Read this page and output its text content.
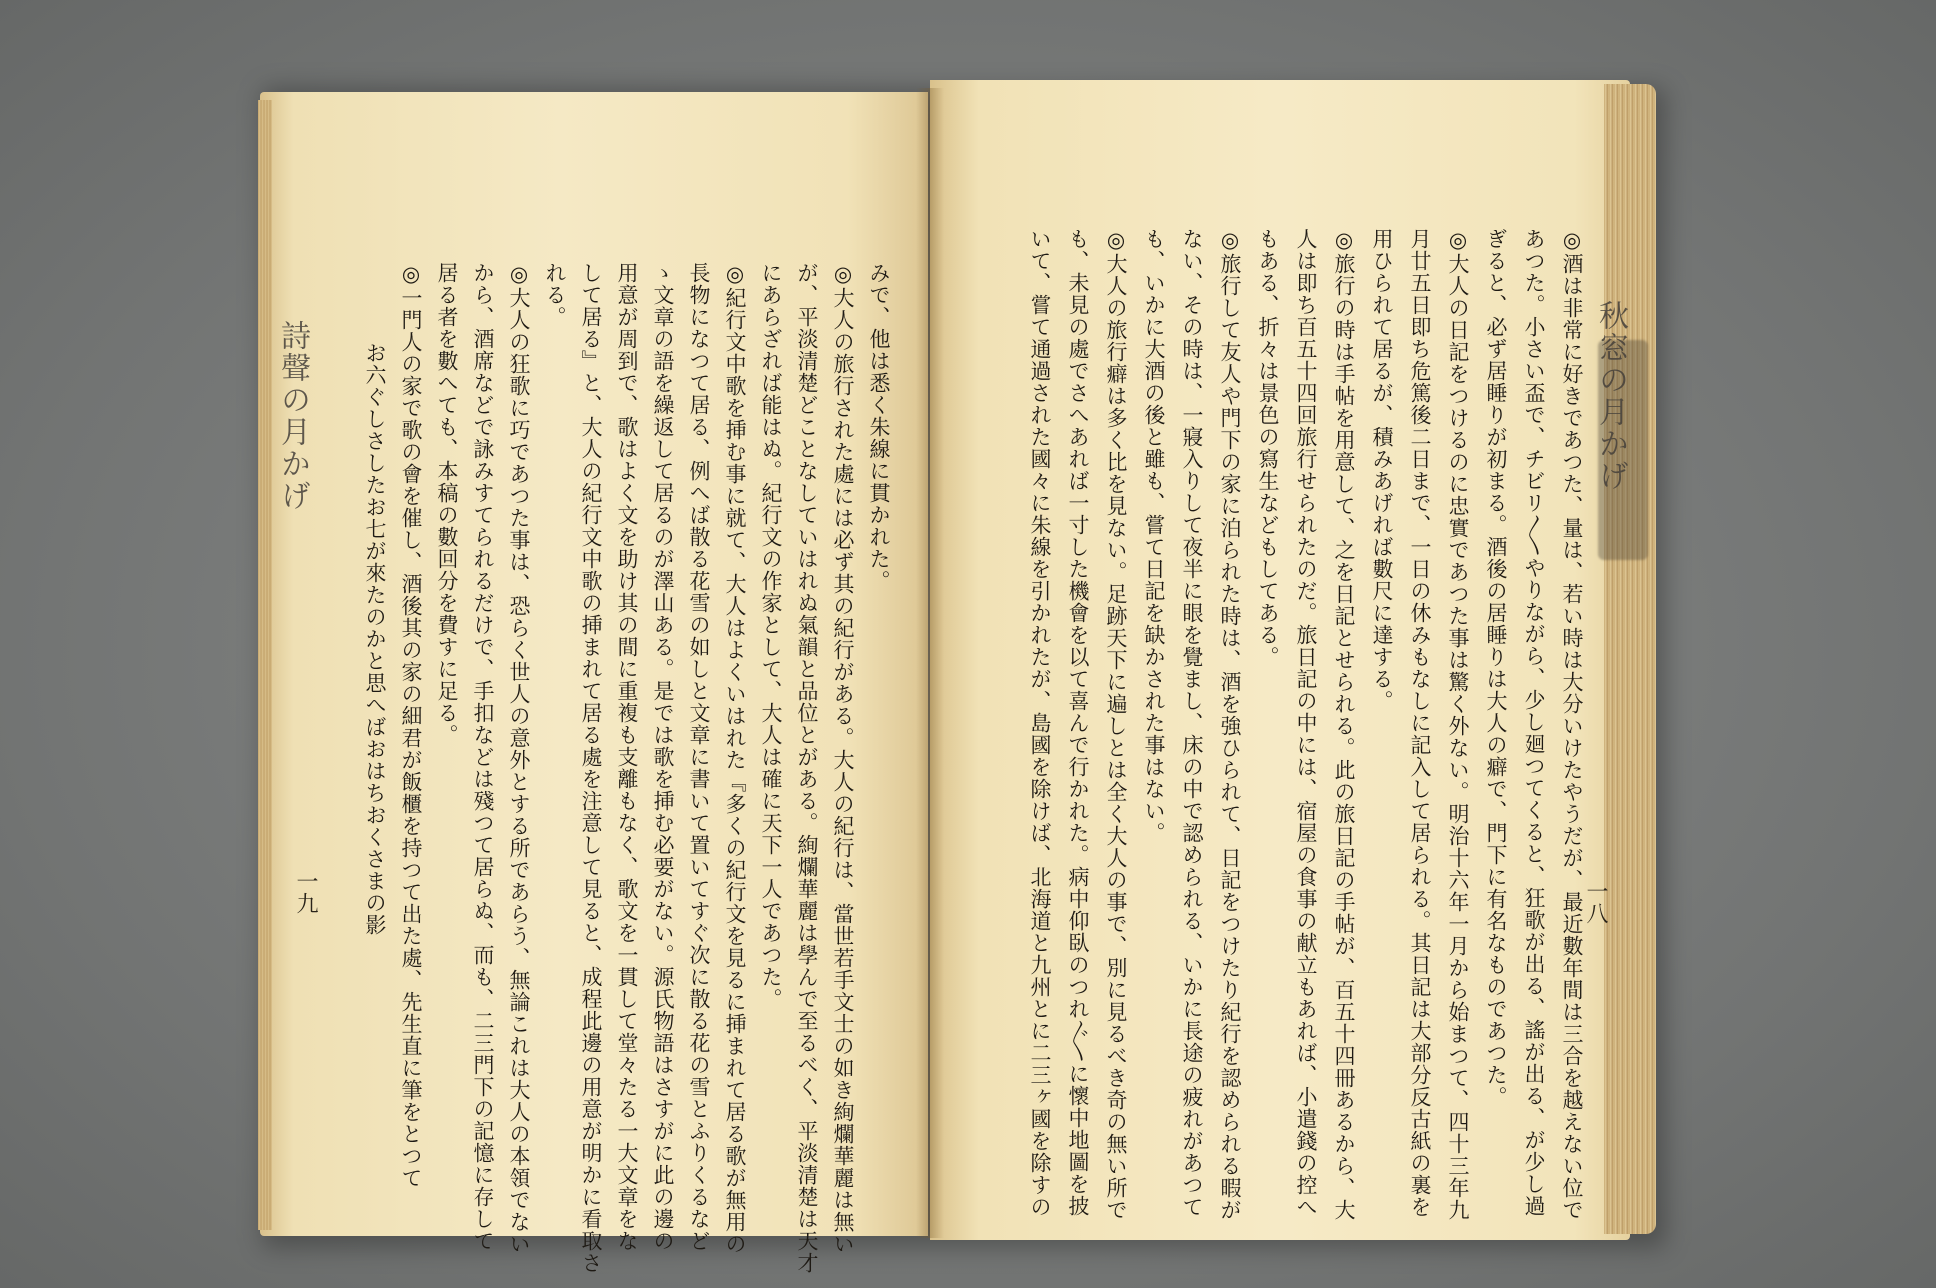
秋窓の月かげ
一八
◎酒は非常に好きであつた、量は、若い時は大分いけたやうだが、最近數年間は三合を越えない位で
あつた。小さい盃で、チビリ〳〵やりながら、少し廻つてくると、狂歌が出る、謠が出る、が少し過
ぎると、必ず居睡りが初まる。酒後の居睡りは大人の癖で、門下に有名なものであつた。
◎大人の日記をつけるのに忠實であつた事は驚く外ない。明治十六年一月から始まつて、四十三年九
月廿五日即ち危篤後二日まで、一日の休みもなしに記入して居られる。其日記は大部分反古紙の裏を
用ひられて居るが、積みあげれば數尺に達する。
◎旅行の時は手帖を用意して、之を日記とせられる。此の旅日記の手帖が、百五十四冊あるから、大
人は即ち百五十四回旅行せられたのだ。旅日記の中には、宿屋の食事の献立もあれば、小遣錢の控へ
もある、折々は景色の寫生などもしてある。
◎旅行して友人や門下の家に泊られた時は、酒を強ひられて、日記をつけたり紀行を認められる暇が
ない、その時は、一寢入りして夜半に眼を覺まし、床の中で認められる、いかに長途の疲れがあつて
も、いかに大酒の後と雖も、嘗て日記を缺かされた事はない。
◎大人の旅行癖は多く比を見ない。足跡天下に遍しとは全く大人の事で、別に見るべき奇の無い所で
も、未見の處でさへあれば一寸した機會を以て喜んで行かれた。病中仰臥のつれ〴〵に懷中地圖を披
いて、嘗て通過された國々に朱線を引かれたが、島國を除けば、北海道と九州とに二三ヶ國を除すの
詩聲の月かげ
一九
みで、他は悉く朱線に貫かれた。
◎大人の旅行された處には必ず其の紀行がある。大人の紀行は、當世若手文士の如き絢爛華麗は無い
が、平淡清楚どことなしていはれぬ氣韻と品位とがある。絢爛華麗は學んで至るべく、平淡清楚は天才
にあらざれば能はぬ。紀行文の作家として、大人は確に天下一人であつた。
◎紀行文中歌を挿む事に就て、大人はよくいはれた『多くの紀行文を見るに挿まれて居る歌が無用の
長物になつて居る、例へば散る花雪の如しと文章に書いて置いてすぐ次に散る花の雪とふりくるなど
ゝ文章の語を繰返して居るのが澤山ある。是では歌を挿む必要がない。源氏物語はさすがに此の邊の
用意が周到で、歌はよく文を助け其の間に重複も支離もなく、歌文を一貫して堂々たる一大文章をな
して居る』と、大人の紀行文中歌の挿まれて居る處を注意して見ると、成程此邊の用意が明かに看取さ
れる。
◎大人の狂歌に巧であつた事は、恐らく世人の意外とする所であらう、無論これは大人の本領でない
から、酒席などで詠みすてられるだけで、手扣などは殘つて居らぬ、而も、二三門下の記憶に存して
居る者を數へても、本稿の數回分を費すに足る。
◎一門人の家で歌の會を催し、酒後其の家の細君が飯櫃を持つて出た處、先生直に筆をとつて
お六ぐしさしたお七が來たのかと思へばおはちおくさまの影
